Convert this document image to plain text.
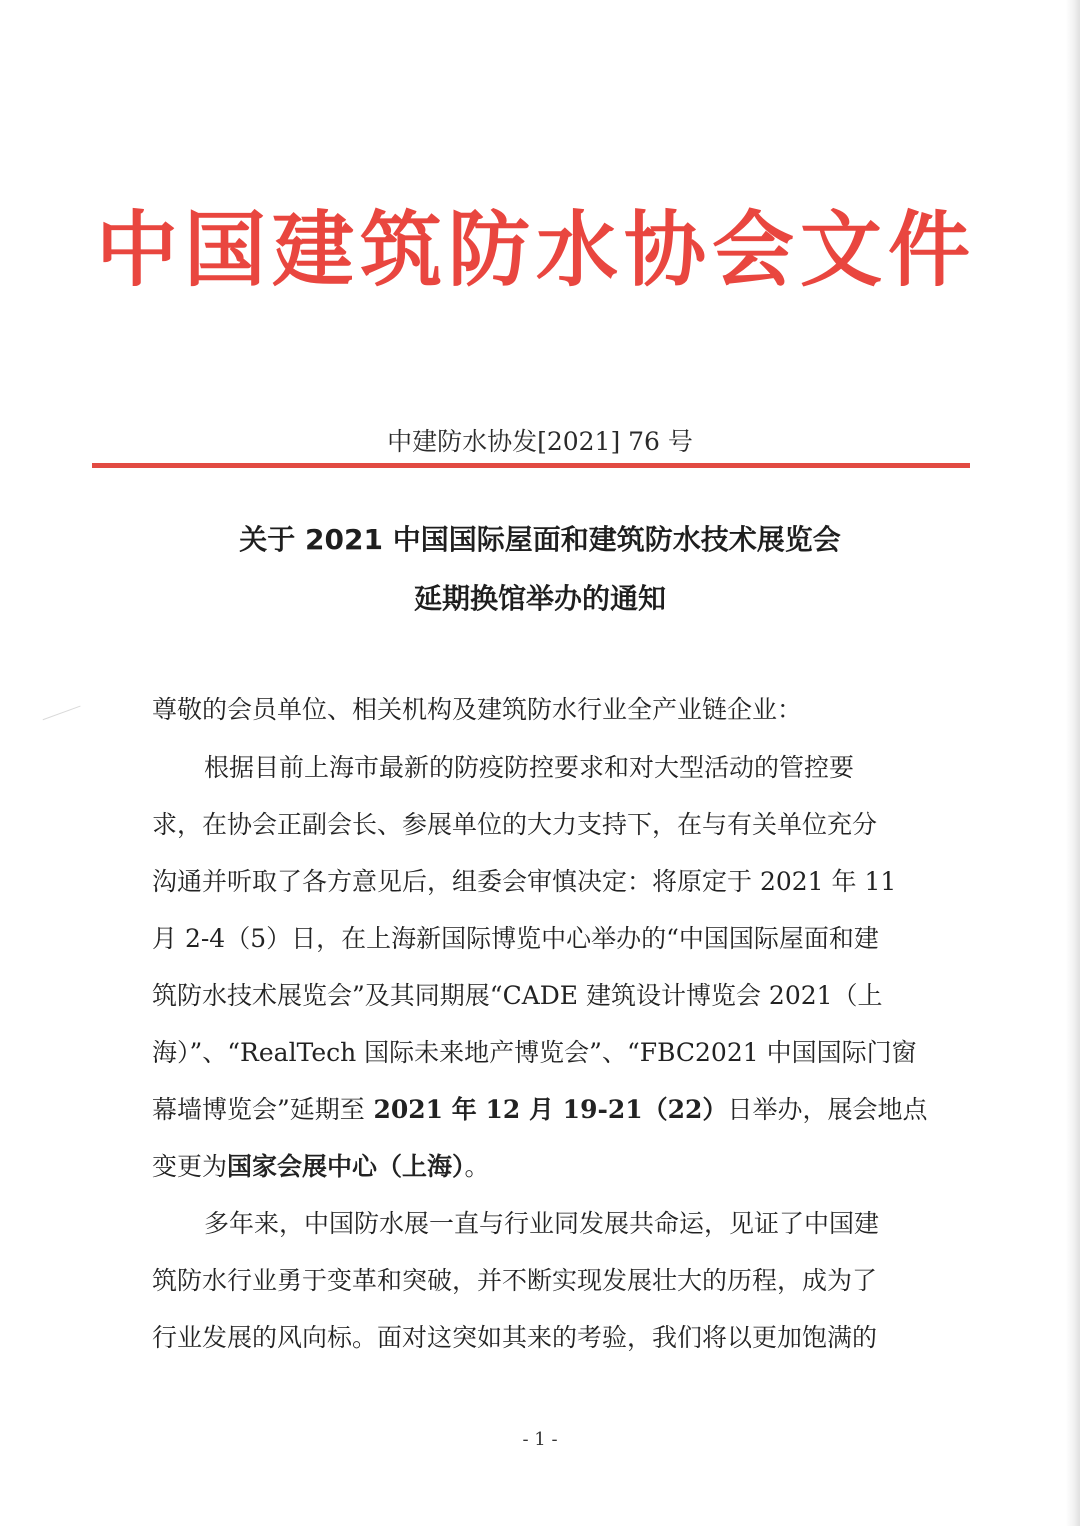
中国建筑防水协会文件
中建防水协发[2021] 76 号
关于 2021 中国国际屋面和建筑防水技术展览会
延期换馆举办的通知
尊敬的会员单位、相关机构及建筑防水行业全产业链企业：
根据目前上海市最新的防疫防控要求和对大型活动的管控要
求，在协会正副会长、参展单位的大力支持下，在与有关单位充分
沟通并听取了各方意见后，组委会审慎决定：将原定于 2021 年 11
月 2-4（5）日，在上海新国际博览中心举办的“中国国际屋面和建
筑防水技术展览会”及其同期展“CADE 建筑设计博览会 2021（上
海）”、“RealTech 国际未来地产博览会”、“FBC2021 中国国际门窗
幕墙博览会”延期至 2021 年 12 月 19-21（22）日举办，展会地点
变更为国家会展中心（上海）。
多年来，中国防水展一直与行业同发展共命运，见证了中国建
筑防水行业勇于变革和突破，并不断实现发展壮大的历程，成为了
行业发展的风向标。面对这突如其来的考验，我们将以更加饱满的
- 1 -
